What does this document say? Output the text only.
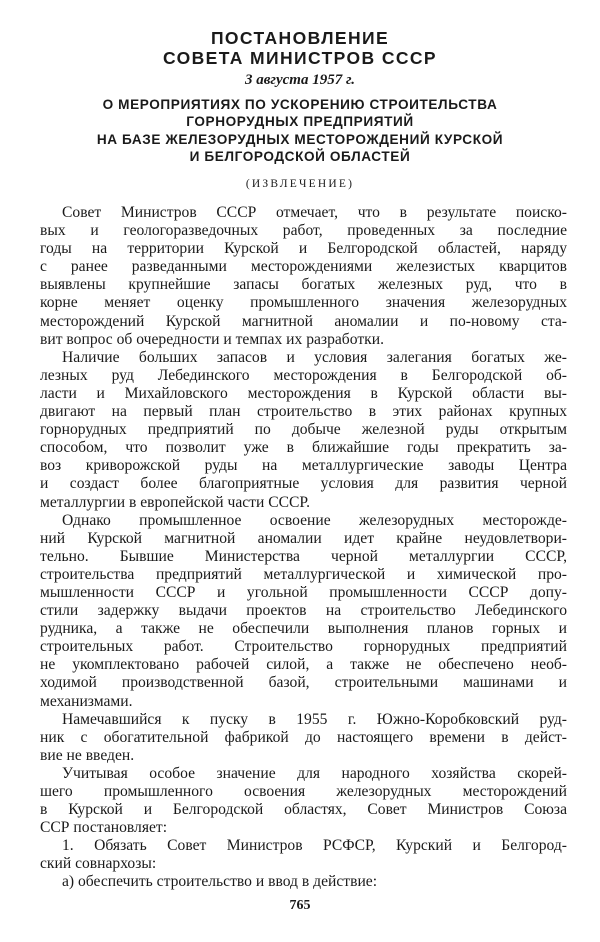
ПОСТАНОВЛЕНИЕ
СОВЕТА МИНИСТРОВ СССР
3 августа 1957 г.
О МЕРОПРИЯТИЯХ ПО УСКОРЕНИЮ СТРОИТЕЛЬСТВА
ГОРНОРУДНЫХ ПРЕДПРИЯТИЙ
НА БАЗЕ ЖЕЛЕЗОРУДНЫХ МЕСТОРОЖДЕНИЙ КУРСКОЙ
И БЕЛГОРОДСКОЙ ОБЛАСТЕЙ
(ИЗВЛЕЧЕНИЕ)
Совет Министров СССР отмечает, что в результате поиско-
вых и геологоразведочных работ, проведенных за последние
годы на территории Курской и Белгородской областей, наряду
с ранее разведанными месторождениями железистых кварцитов
выявлены крупнейшие запасы богатых железных руд, что в
корне меняет оценку промышленного значения железорудных
месторождений Курской магнитной аномалии и по-новому ста-
вит вопрос об очередности и темпах их разработки.
Наличие больших запасов и условия залегания богатых же-
лезных руд Лебединского месторождения в Белгородской об-
ласти и Михайловского месторождения в Курской области вы-
двигают на первый план строительство в этих районах крупных
горнорудных предприятий по добыче железной руды открытым
способом, что позволит уже в ближайшие годы прекратить за-
воз криворожской руды на металлургические заводы Центра
и создаст более благоприятные условия для развития черной
металлургии в европейской части СССР.
Однако промышленное освоение железорудных месторожде-
ний Курской магнитной аномалии идет крайне неудовлетвори-
тельно. Бывшие Министерства черной металлургии СССР,
строительства предприятий металлургической и химической про-
мышленности СССР и угольной промышленности СССР допу-
стили задержку выдачи проектов на строительство Лебединского
рудника, а также не обеспечили выполнения планов горных и
строительных работ. Строительство горнорудных предприятий
не укомплектовано рабочей силой, а также не обеспечено необ-
ходимой производственной базой, строительными машинами и
механизмами.
Намечавшийся к пуску в 1955 г. Южно-Коробковский руд-
ник с обогатительной фабрикой до настоящего времени в дейст-
вие не введен.
Учитывая особое значение для народного хозяйства скорей-
шего промышленного освоения железорудных месторождений
в Курской и Белгородской областях, Совет Министров Союза
ССР постановляет:
1. Обязать Совет Министров РСФСР, Курский и Белгород-
ский совнархозы:
а) обеспечить строительство и ввод в действие:
765
